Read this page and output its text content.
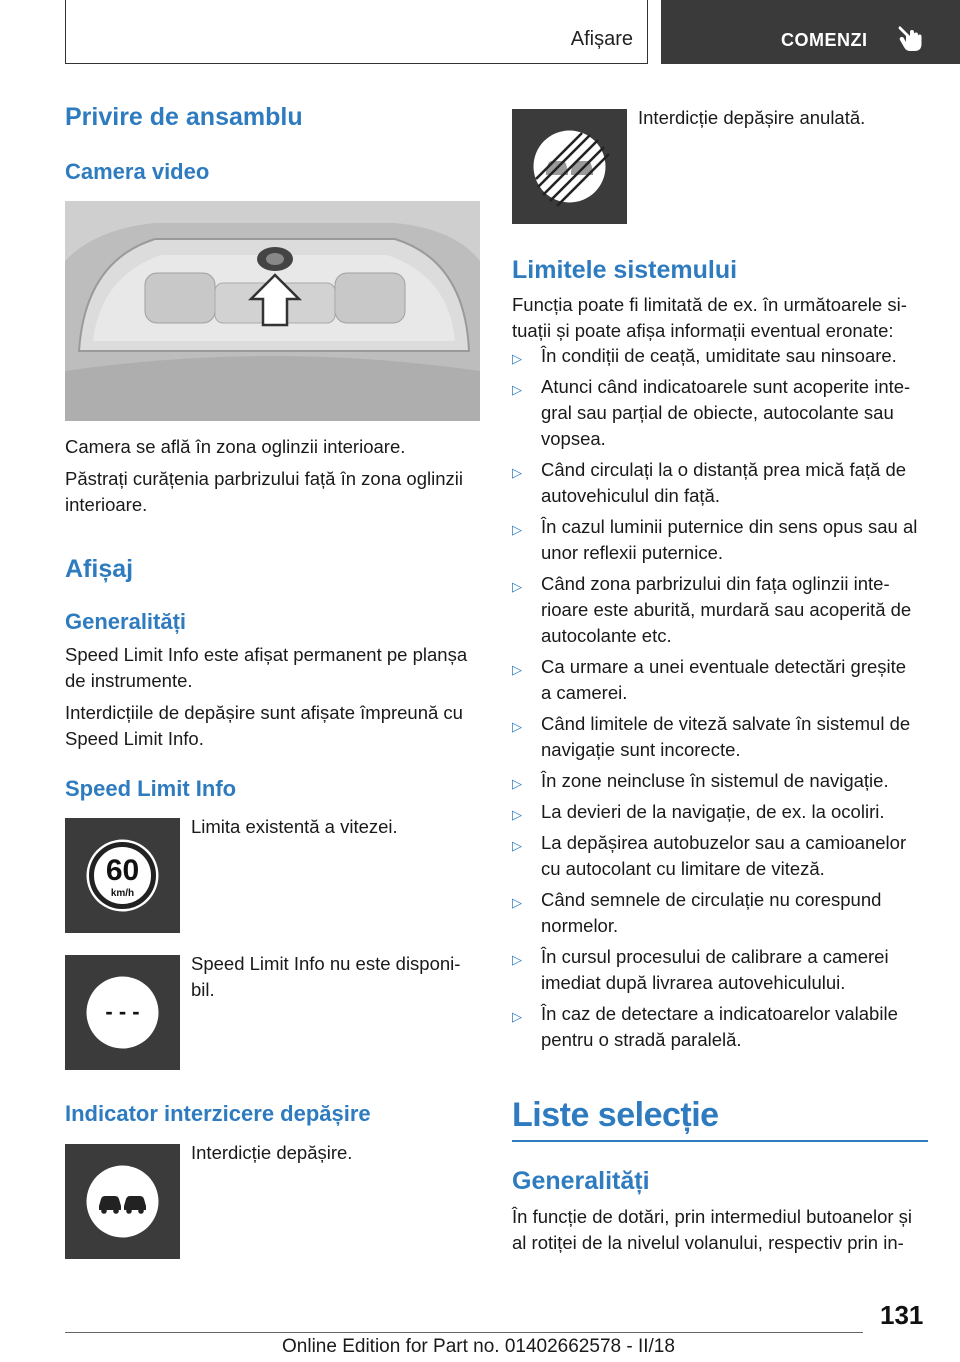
Afișare	COMENZI
Privire de ansamblu
Camera video
Camera se află în zona oglinzii interioare.
Păstrați curățenia parbrizului față în zona oglinzii
interioare.
Afișaj
Generalități
Speed Limit Info este afișat permanent pe planșa
de instrumente.
Interdicțiile de depășire sunt afișate împreună cu
Speed Limit Info.
Speed Limit Info
60
km/h
Limita existentă a vitezei.
- - -
Speed Limit Info nu este disponi-
bil.
Indicator interzicere depășire
Interdicție depășire.
Interdicție depășire anulată.
Limitele sistemului
Funcția poate fi limitată de ex. în următoarele si-
tuații și poate afișa informații eventual eronate:
▷ În condiții de ceață, umiditate sau ninsoare.
▷ Atunci când indicatoarele sunt acoperite inte-
gral sau parțial de obiecte, autocolante sau
vopsea.
▷ Când circulați la o distanță prea mică față de
autovehiculul din față.
▷ În cazul luminii puternice din sens opus sau al
unor reflexii puternice.
▷ Când zona parbrizului din fața oglinzii inte-
rioare este aburită, murdară sau acoperită de
autocolante etc.
▷ Ca urmare a unei eventuale detectări greșite
a camerei.
▷ Când limitele de viteză salvate în sistemul de
navigație sunt incorecte.
▷ În zone neincluse în sistemul de navigație.
▷ La devieri de la navigație, de ex. la ocoliri.
▷ La depășirea autobuzelor sau a camioanelor
cu autocolant cu limitare de viteză.
▷ Când semnele de circulație nu corespund
normelor.
▷ În cursul procesului de calibrare a camerei
imediat după livrarea autovehiculului.
▷ În caz de detectare a indicatoarelor valabile
pentru o stradă paralelă.
Liste selecție
Generalități
În funcție de dotări, prin intermediul butoanelor și
al rotiței de la nivelul volanului, respectiv prin in-
131
Online Edition for Part no. 01402662578 - II/18
